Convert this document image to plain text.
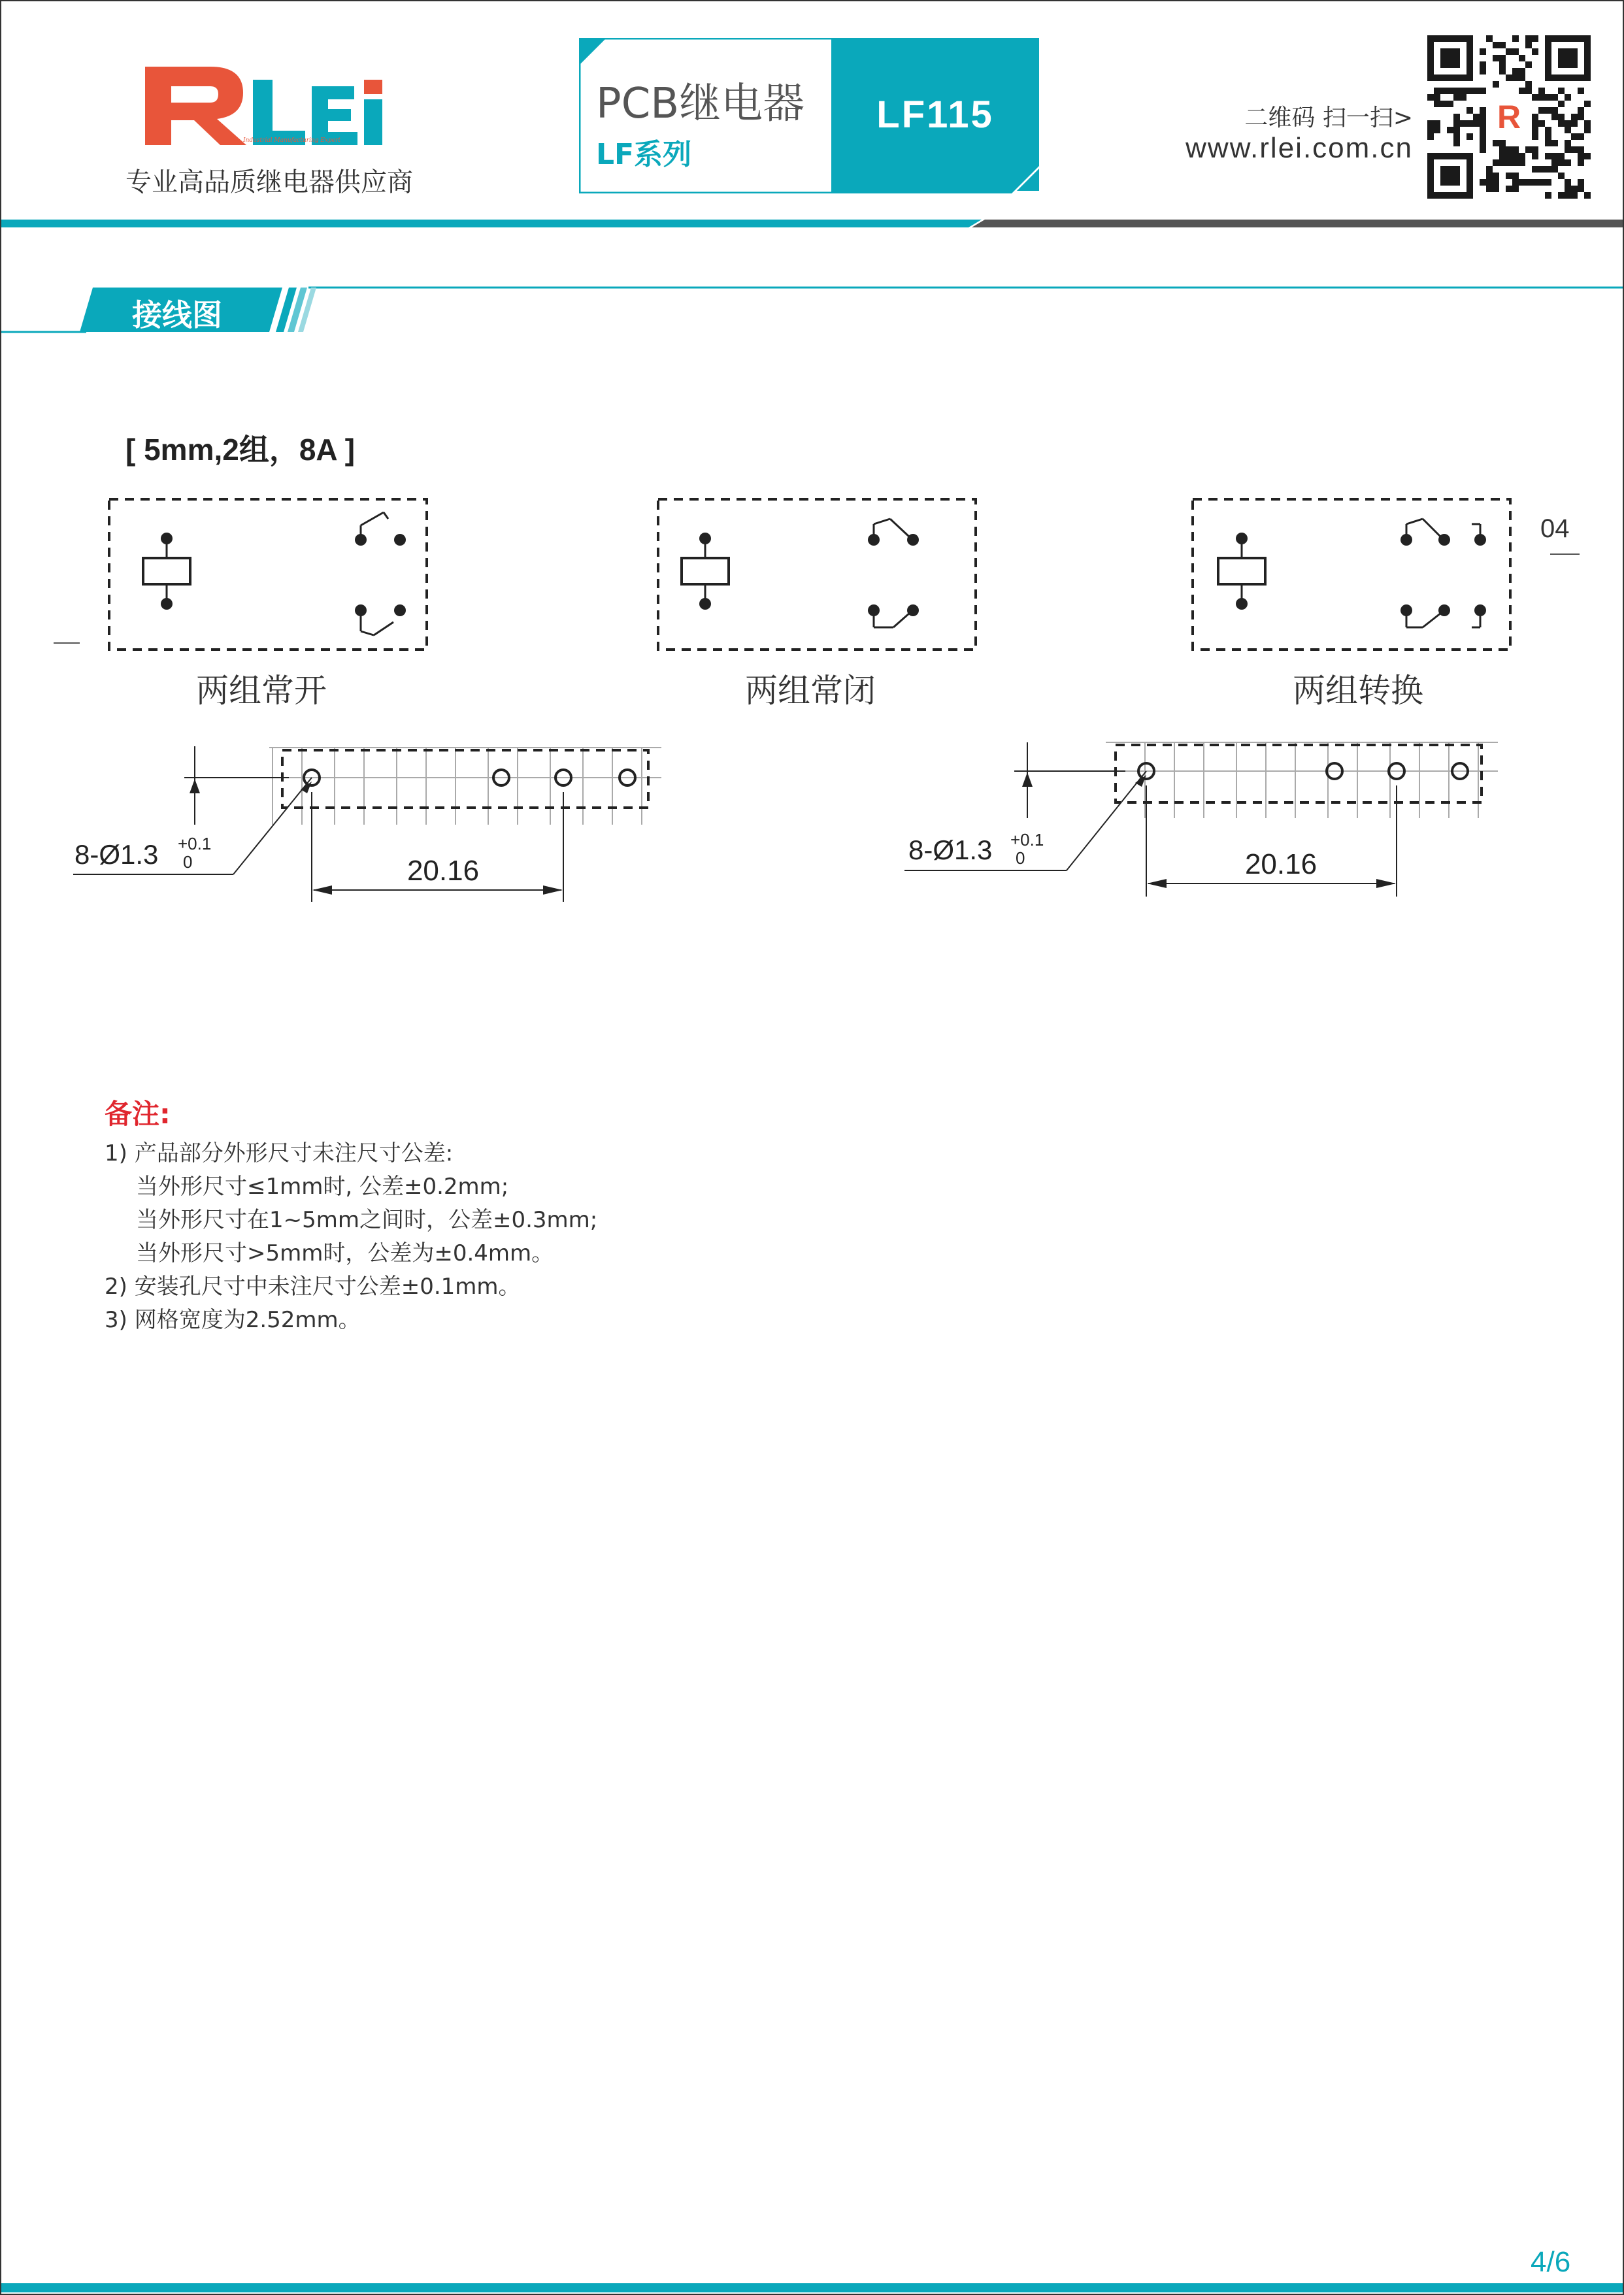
Industrial Manufacturing Expert
专业高品质继电器供应商
PCB继电器
LF系列
LF115	二维码 扫一扫>
www.rlei.com.cn
R
接线图
[ 5mm,2组，8A ]
04
两组常开	两组常闭	两组转换
8-Ø1.3 +0.1
0	20.16
8-Ø1.3 +0.1
0	20.16
备注:
1) 产品部分外形尺寸未注尺寸公差:
当外形尺寸≤1mm时, 公差±0.2mm;
当外形尺寸在1~5mm之间时，公差±0.3mm;
当外形尺寸>5mm时，公差为±0.4mm。
2) 安装孔尺寸中未注尺寸公差±0.1mm。
3) 网格宽度为2.52mm。
4/6
